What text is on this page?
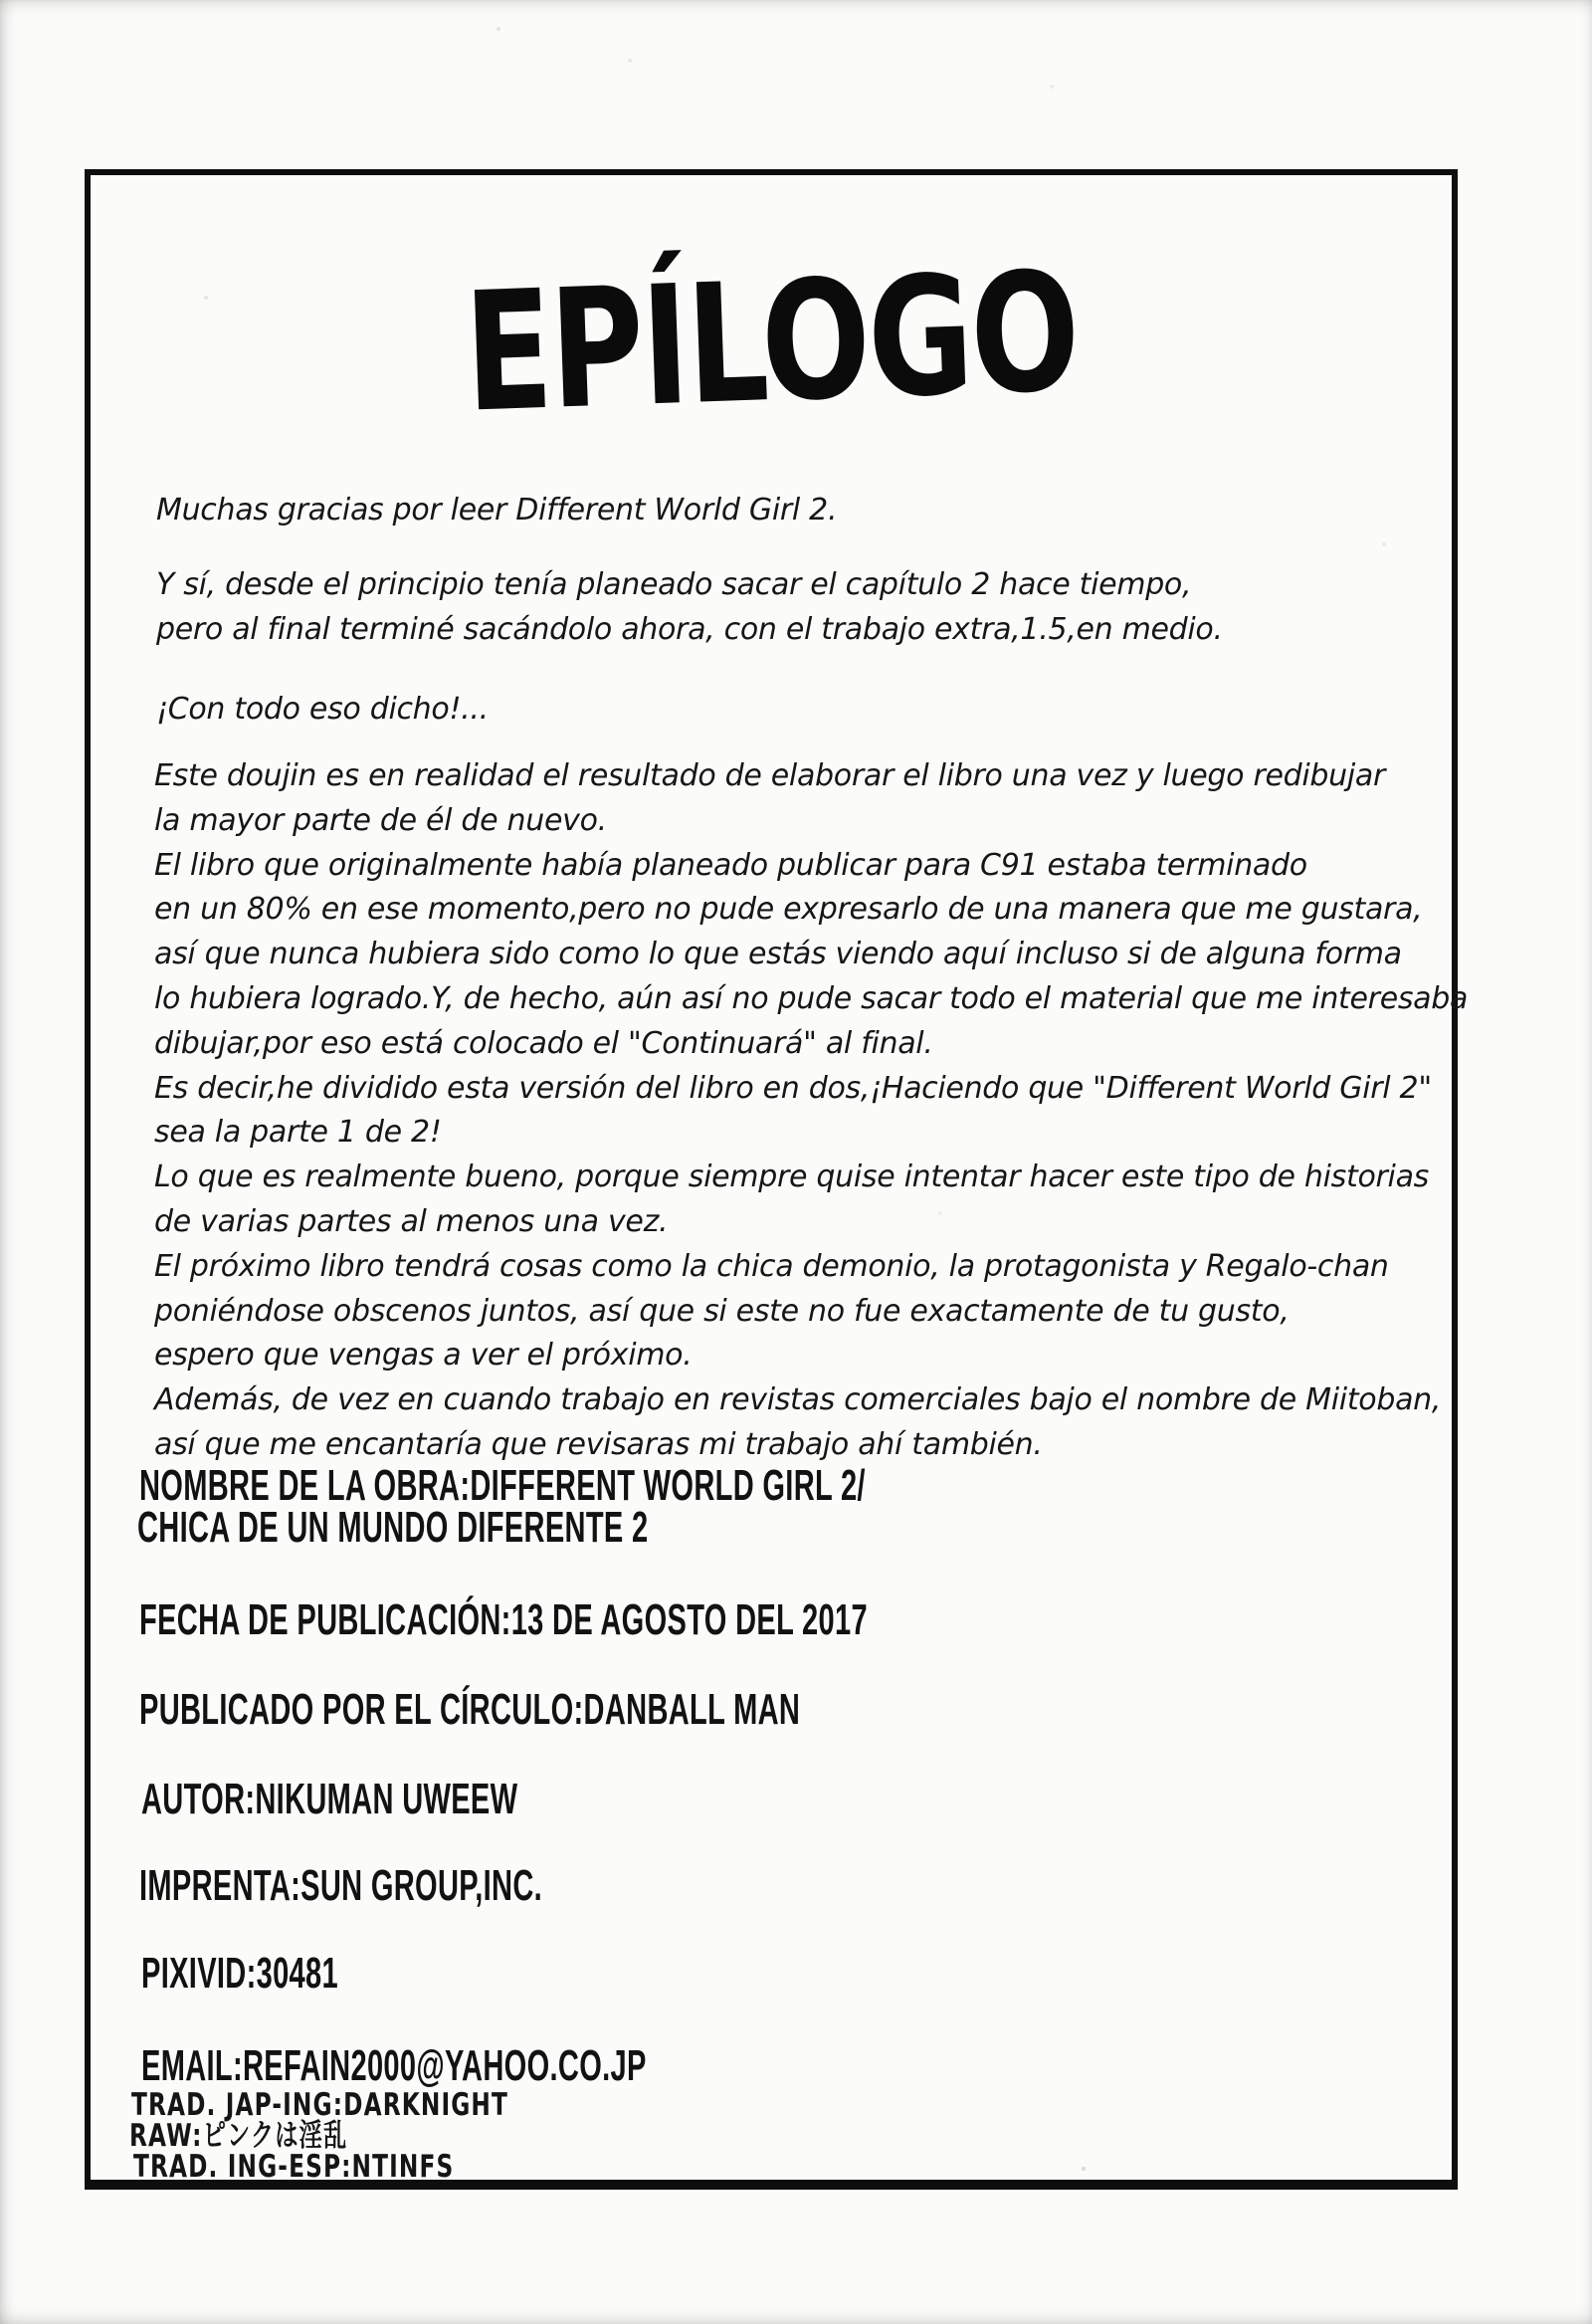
EPÍLOGO
Muchas gracias por leer Different World Girl 2.
Y sí, desde el principio tenía planeado sacar el capítulo 2 hace tiempo,
pero al final terminé sacándolo ahora, con el trabajo extra,1.5,en medio.
¡Con todo eso dicho!...
Este doujin es en realidad el resultado de elaborar el libro una vez y luego redibujar
la mayor parte de él de nuevo.
El libro que originalmente había planeado publicar para C91 estaba terminado
en un 80% en ese momento,pero no pude expresarlo de una manera que me gustara,
así que nunca hubiera sido como lo que estás viendo aquí incluso si de alguna forma
lo hubiera logrado.Y, de hecho, aún así no pude sacar todo el material que me interesaba
dibujar,por eso está colocado el "Continuará" al final.
Es decir,he dividido esta versión del libro en dos,¡Haciendo que "Different World Girl 2"
sea la parte 1 de 2!
Lo que es realmente bueno, porque siempre quise intentar hacer este tipo de historias
de varias partes al menos una vez.
El próximo libro tendrá cosas como la chica demonio, la protagonista y Regalo-chan
poniéndose obscenos juntos, así que si este no fue exactamente de tu gusto,
espero que vengas a ver el próximo.
Además, de vez en cuando trabajo en revistas comerciales bajo el nombre de Miitoban,
así que me encantaría que revisaras mi trabajo ahí también.
NOMBRE DE LA OBRA:DIFFERENT WORLD GIRL 2/
CHICA DE UN MUNDO DIFERENTE 2
FECHA DE PUBLICACIÓN:13 DE AGOSTO DEL 2017
PUBLICADO POR EL CÍRCULO:DANBALL MAN
AUTOR:NIKUMAN UWEEW
IMPRENTA:SUN GROUP,INC.
PIXIVID:30481
EMAIL:REFAIN2000@YAHOO.CO.JP
TRAD. JAP-ING:DARKNIGHT
RAW:ピンクは淫乱
TRAD. ING-ESP:NTINFS
